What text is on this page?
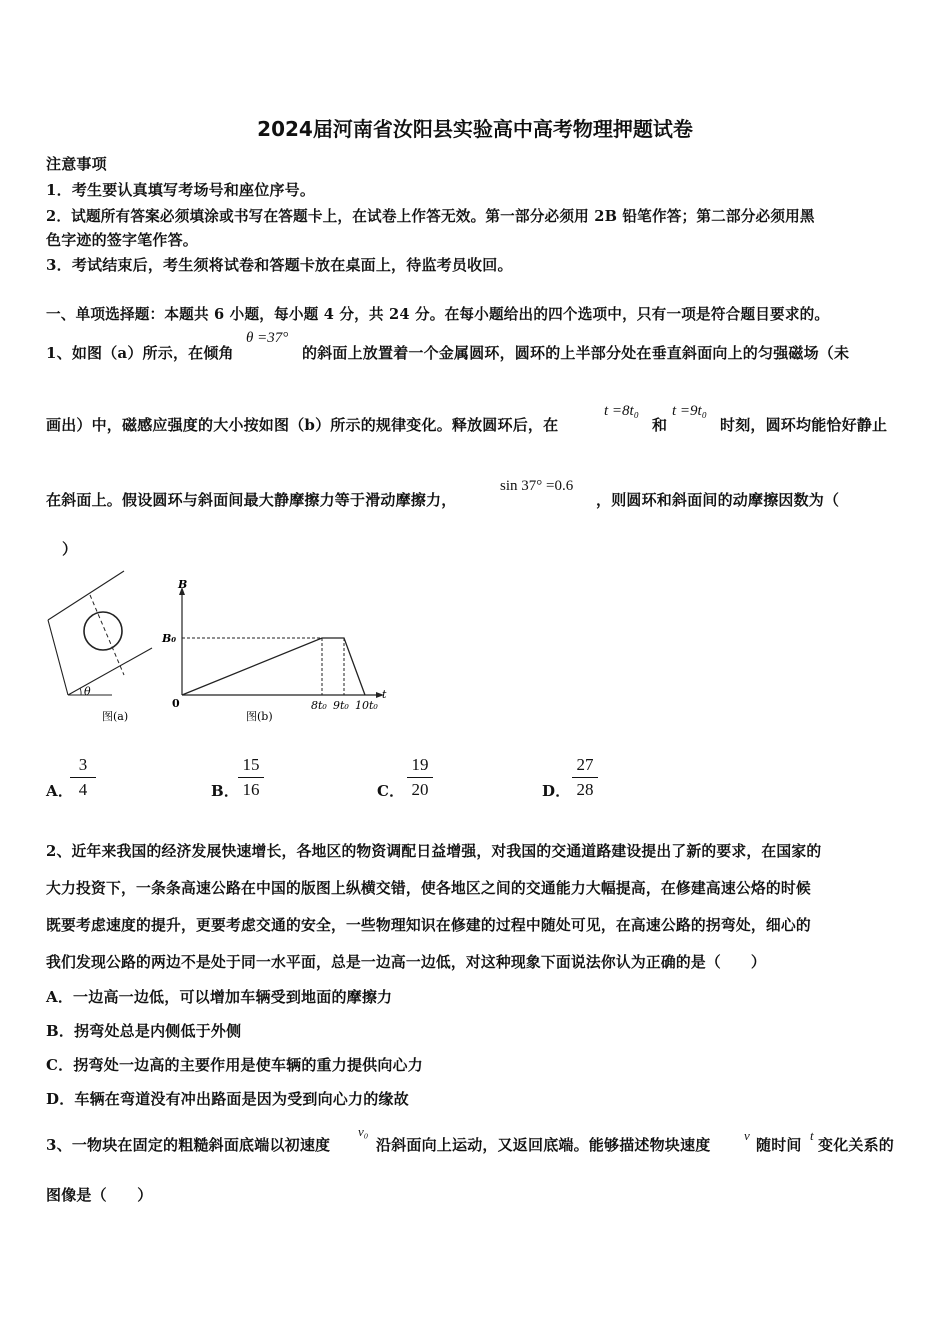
2024届河南省汝阳县实验高中高考物理押题试卷
注意事项
1．考生要认真填写考场号和座位序号。
2．试题所有答案必须填涂或书写在答题卡上，在试卷上作答无效。第一部分必须用 2B 铅笔作答；第二部分必须用黑
色字迹的签字笔作答。
3．考试结束后，考生须将试卷和答题卡放在桌面上，待监考员收回。
一、单项选择题：本题共 6 小题，每小题 4 分，共 24 分。在每小题给出的四个选项中，只有一项是符合题目要求的。
1、如图（a）所示，在倾角
θ =37°
的斜面上放置着一个金属圆环，圆环的上半部分处在垂直斜面向上的匀强磁场（未
画出）中，磁感应强度的大小按如图（b）所示的规律变化。释放圆环后，在
t =8t₀
和
t =9t₀
时刻，圆环均能恰好静止
在斜面上。假设圆环与斜面间最大静摩擦力等于滑动摩擦力，
sin 37° =0.6
，则圆环和斜面间的动摩擦因数为（
）
θ
图(a)
B
t
B₀
0	8t₀ 9t₀ 10t₀
图(b)
A．
3
4	B．
15
16	C．
19
20	D．
27
28
2、近年来我国的经济发展快速增长，各地区的物资调配日益增强，对我国的交通道路建设提出了新的要求，在国家的
大力投资下，一条条高速公路在中国的版图上纵横交错，使各地区之间的交通能力大幅提高，在修建高速公烙的时候
既要考虑速度的提升，更要考虑交通的安全，一些物理知识在修建的过程中随处可见，在高速公路的拐弯处，细心的
我们发现公路的两边不是处于同一水平面，总是一边高一边低，对这种现象下面说法你认为正确的是（　　）
A．一边高一边低，可以增加车辆受到地面的摩擦力
B．拐弯处总是内侧低于外侧
C．拐弯处一边高的主要作用是使车辆的重力提供向心力
D．车辆在弯道没有冲出路面是因为受到向心力的缘故
3、一物块在固定的粗糙斜面底端以初速度
v₀
沿斜面向上运动，又返回底端。能够描述物块速度
v
随时间
t
变化关系的
图像是（　　）
